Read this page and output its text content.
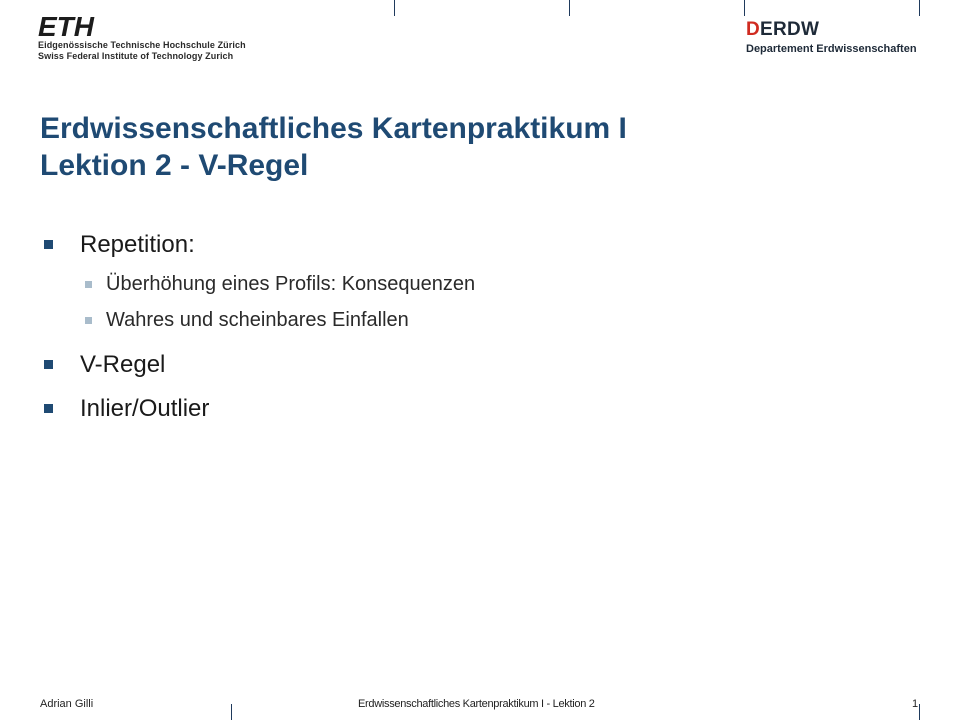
ETH
Eidgenössische Technische Hochschule Zürich
Swiss Federal Institute of Technology Zurich
DERDW
Departement Erdwissenschaften
Erdwissenschaftliches Kartenpraktikum I
Lektion 2 - V-Regel
Repetition:
Überhöhung eines Profils: Konsequenzen
Wahres und scheinbares Einfallen
V-Regel
Inlier/Outlier
Adrian Gilli	Erdwissenschaftliches Kartenpraktikum I - Lektion 2	1
